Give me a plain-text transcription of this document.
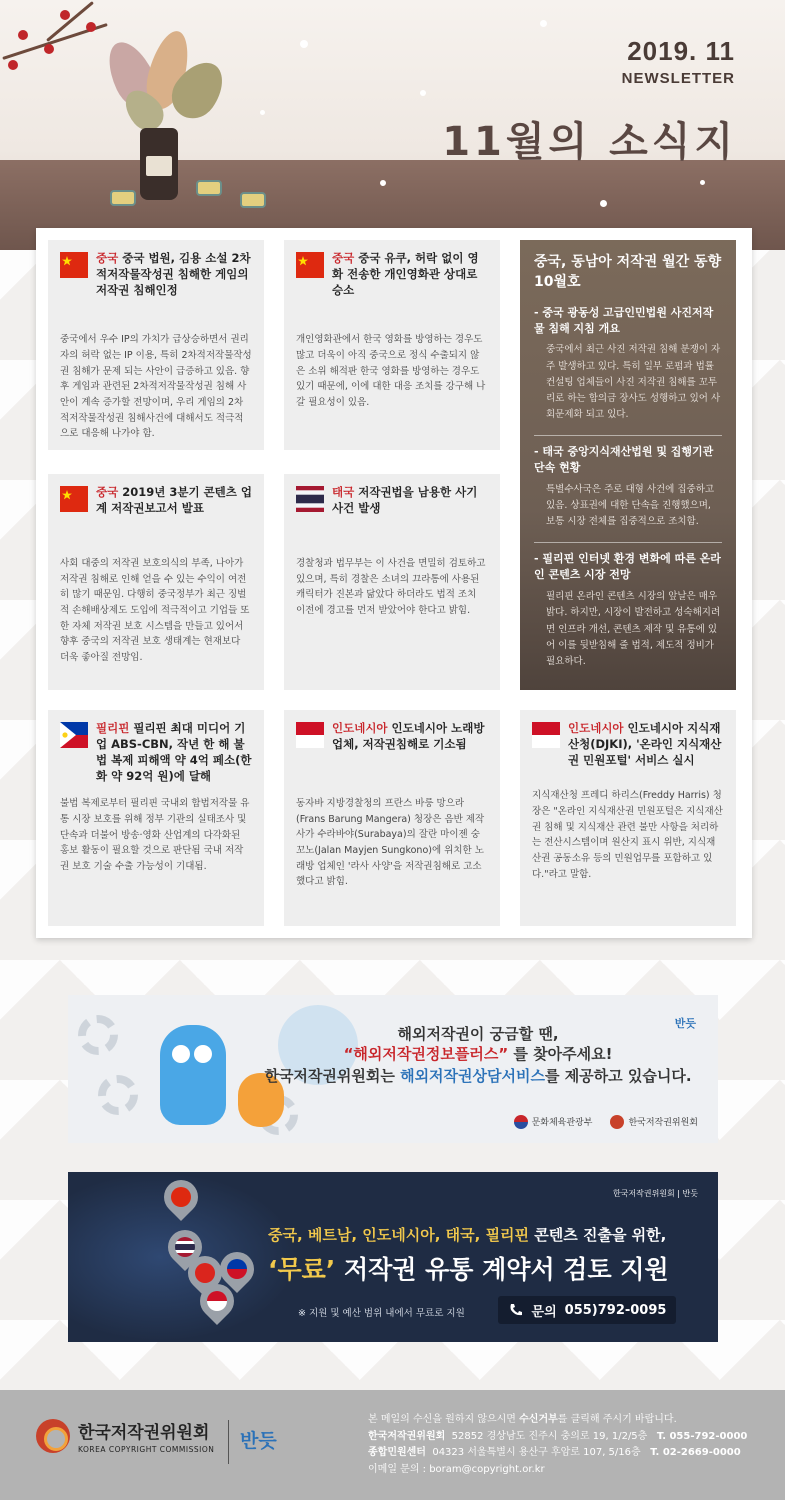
2019. 11
NEWSLETTER
11월의 소식지
중국 중국 법원, 김용 소설 2차적저작물작성권 침해한 게임의 저작권 침해인정
중국에서 우수 IP의 가치가 급상승하면서 권리자의 허락 없는 IP 이용, 특히 2차적저작물작성권 침해가 문제 되는 사안이 급증하고 있음. 향후 게임과 관련된 2차적저작물작성권 침해 사안이 계속 증가할 전망이며, 우리 게임의 2차적저작물작성권 침해사건에 대해서도 적극적으로 대응해 나가야 함.
중국 중국 유쿠, 허락 없이 영화 전송한 개인영화관 상대로 승소
개인영화관에서 한국 영화를 방영하는 경우도 많고 더욱이 아직 중국으로 정식 수출되지 않은 소위 해적판 한국 영화를 방영하는 경우도 있기 때문에, 이에 대한 대응 조치를 강구해 나갈 필요성이 있음.
중국, 동남아 저작권 월간 동향 10월호
- 중국 광동성 고급인민법원 사진저작물 침해 지침 개요
중국에서 최근 사진 저작권 침해 분쟁이 자주 발생하고 있다. 특히 일부 로펌과 법률 컨설팅 업체들이 사진 저작권 침해를 꼬투리로 하는 합의금 장사도 성행하고 있어 사회문제화 되고 있다.
- 태국 중앙지식재산법원 및 집행기관 단속 현황
특별수사국은 주로 대형 사건에 집중하고 있음. 상표권에 대한 단속을 진행했으며, 보통 시장 전체를 집중적으로 조치함.
- 필리핀 인터넷 환경 변화에 따른 온라인 콘텐츠 시장 전망
필리핀 온라인 콘텐츠 시장의 앞날은 매우 밝다. 하지만, 시장이 발전하고 성숙해지려면 인프라 개선, 콘텐츠 제작 및 유통에 있어 이를 뒷받침해 줄 법적, 제도적 정비가 필요하다.
중국 2019년 3분기 콘텐츠 업계 저작권보고서 발표
사회 대중의 저작권 보호의식의 부족, 나아가 저작권 침해로 인해 얻을 수 있는 수익이 여전히 많기 때문임. 다행히 중국정부가 최근 징벌적 손해배상제도 도입에 적극적이고 기업들 또한 자체 저작권 보호 시스템을 만들고 있어서 향후 중국의 저작권 보호 생태계는 현재보다 더욱 좋아질 전망임.
태국 저작권법을 남용한 사기 사건 발생
경찰청과 법무부는 이 사건을 면밀히 검토하고 있으며, 특히 경찰은 소녀의 끄라통에 사용된 캐릭터가 진본과 닮았다 하더라도 법적 조치 이전에 경고를 먼저 받았어야 한다고 밝힘.
필리핀 필리핀 최대 미디어 기업 ABS-CBN, 작년 한 해 불법 복제 피해액 약 4억 페소(한화 약 92억 원)에 달해
불법 복제로부터 필리핀 국내외 합법저작물 유통 시장 보호를 위해 정부 기관의 실태조사 및 단속과 더불어 방송·영화 산업계의 다각화된 홍보 활동이 필요할 것으로 판단됨 국내 저작권 보호 기술 수출 가능성이 기대됨.
인도네시아 인도네시아 노래방 업체, 저작권침해로 기소됨
동자바 지방경찰청의 프란스 바룽 망으라(Frans Barung Mangera) 청장은 음반 제작사가 수라바야(Surabaya)의 잘란 마이젠 숭꼬노(Jalan Mayjen Sungkono)에 위치한 노래방 업체인 '라사 사양'을 저작권침해로 고소했다고 밝힘.
인도네시아 인도네시아 지식재산청(DJKI), '온라인 지식재산권 민원포털' 서비스 실시
지식재산청 프레디 하리스(Freddy Harris) 청장은 "온라인 지식재산권 민원포털은 지식재산권 침해 및 지식재산 관련 불만 사항을 처리하는 전산시스템이며 원산지 표시 위반, 지식재산권 공동소유 등의 민원업무를 포함하고 있다."라고 말함.
반듯
해외저작권이 궁금할 땐,
“해외저작권정보플러스” 를 찾아주세요!
한국저작권위원회는 해외저작권상담서비스를 제공하고 있습니다.
문화체육관광부	한국저작권위원회
한국저작권위원회 | 반듯
중국, 베트남, 인도네시아, 태국, 필리핀 콘텐츠 진출을 위한,
‘무료’ 저작권 유통 계약서 검토 지원
※ 지원 및 예산 범위 내에서 무료로 지원	문의 055)792-0095
한국저작권위원회
KOREA COPYRIGHT COMMISSION 반듯
본 메일의 수신을 원하지 않으시면 수신거부를 클릭해 주시기 바랍니다.
한국저작권위원회 52852 경상남도 진주시 충의로 19, 1/2/5층 T. 055-792-0000
종합민원센터 04323 서울특별시 용산구 후암로 107, 5/16층 T. 02-2669-0000
이메일 문의 : boram@copyright.or.kr
